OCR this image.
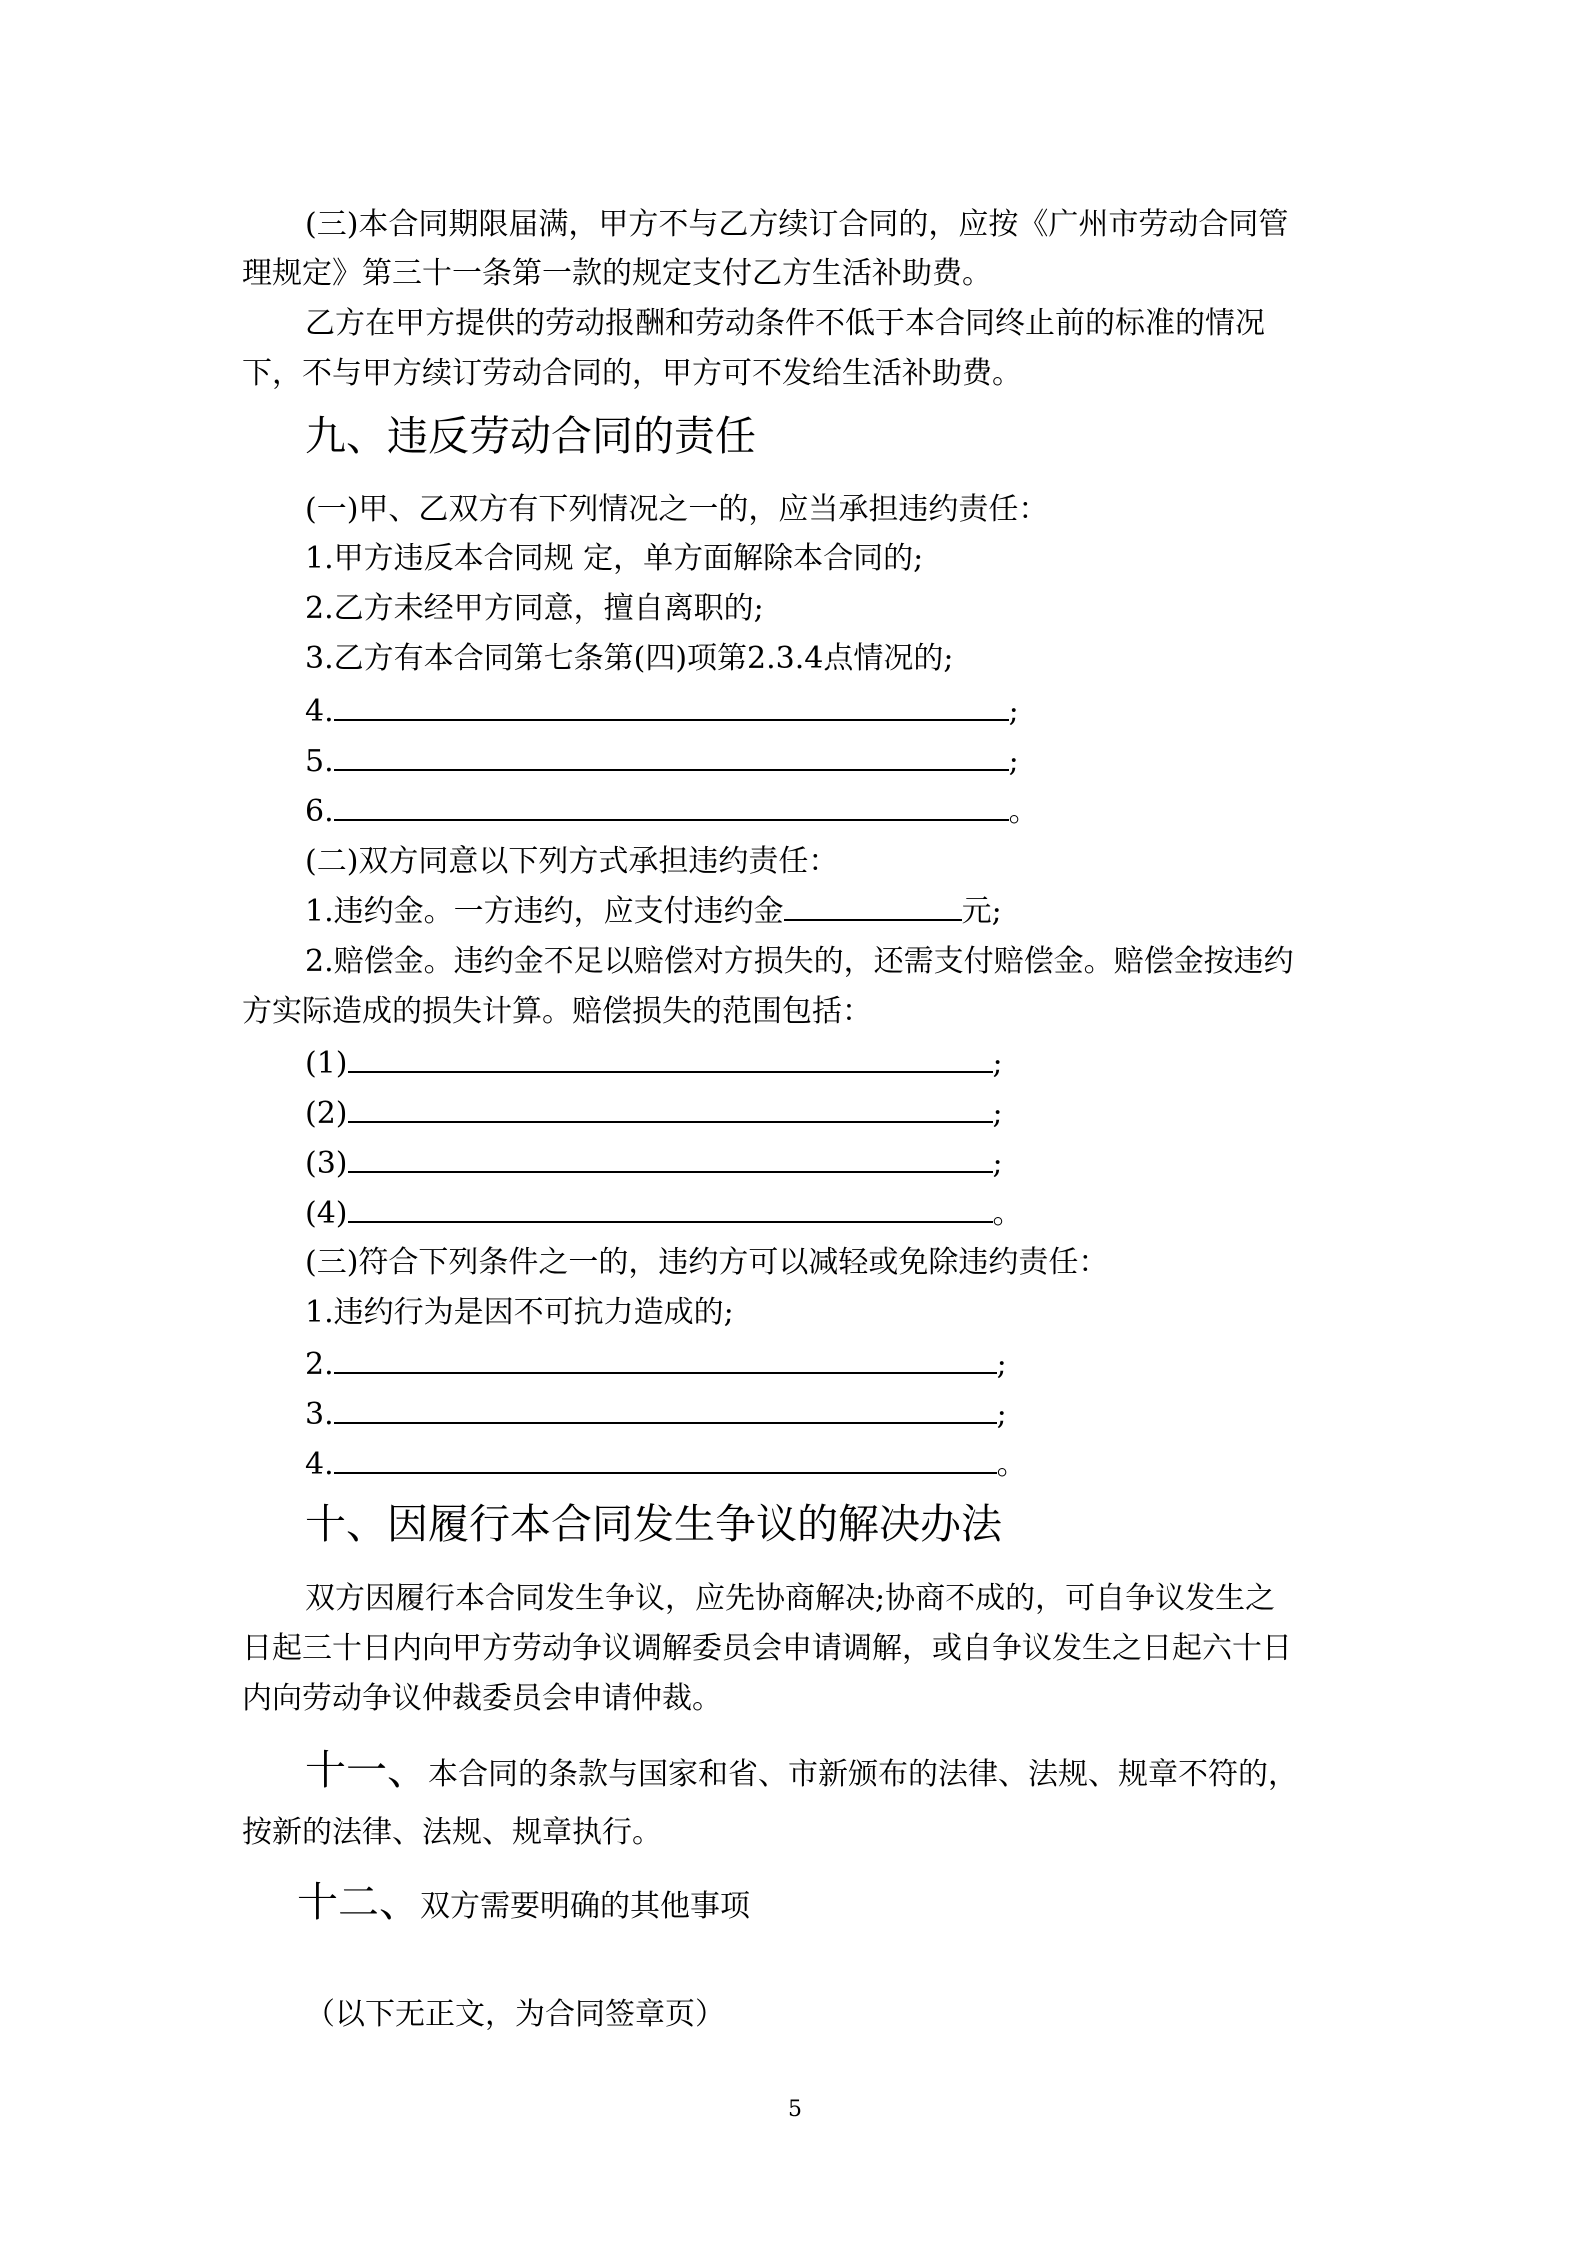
(三)本合同期限届满，甲方不与乙方续订合同的，应按《广州市劳动合同管
理规定》第三十一条第一款的规定支付乙方生活补助费。
乙方在甲方提供的劳动报酬和劳动条件不低于本合同终止前的标准的情况
下，不与甲方续订劳动合同的，甲方可不发给生活补助费。
九、违反劳动合同的责任
(一)甲、乙双方有下列情况之一的，应当承担违约责任：
1.甲方违反本合同规 定，单方面解除本合同的;
2.乙方未经甲方同意，擅自离职的;
3.乙方有本合同第七条第(四)项第2.3.4点情况的;
4.	;
5.	;
6.	。
(二)双方同意以下列方式承担违约责任：
1.违约金。一方违约，应支付违约金	元;
2.赔偿金。违约金不足以赔偿对方损失的，还需支付赔偿金。赔偿金按违约
方实际造成的损失计算。赔偿损失的范围包括：
(1)	;
(2)	;
(3)	;
(4)	。
(三)符合下列条件之一的，违约方可以减轻或免除违约责任：
1.违约行为是因不可抗力造成的;
2.	;
3.	;
4.	。
十、因履行本合同发生争议的解决办法
双方因履行本合同发生争议，应先协商解决;协商不成的，可自争议发生之
日起三十日内向甲方劳动争议调解委员会申请调解，或自争议发生之日起六十日
内向劳动争议仲裁委员会申请仲裁。
十一、本合同的条款与国家和省、市新颁布的法律、法规、规章不符的，
按新的法律、法规、规章执行。
十二、双方需要明确的其他事项
（以下无正文，为合同签章页）
5
